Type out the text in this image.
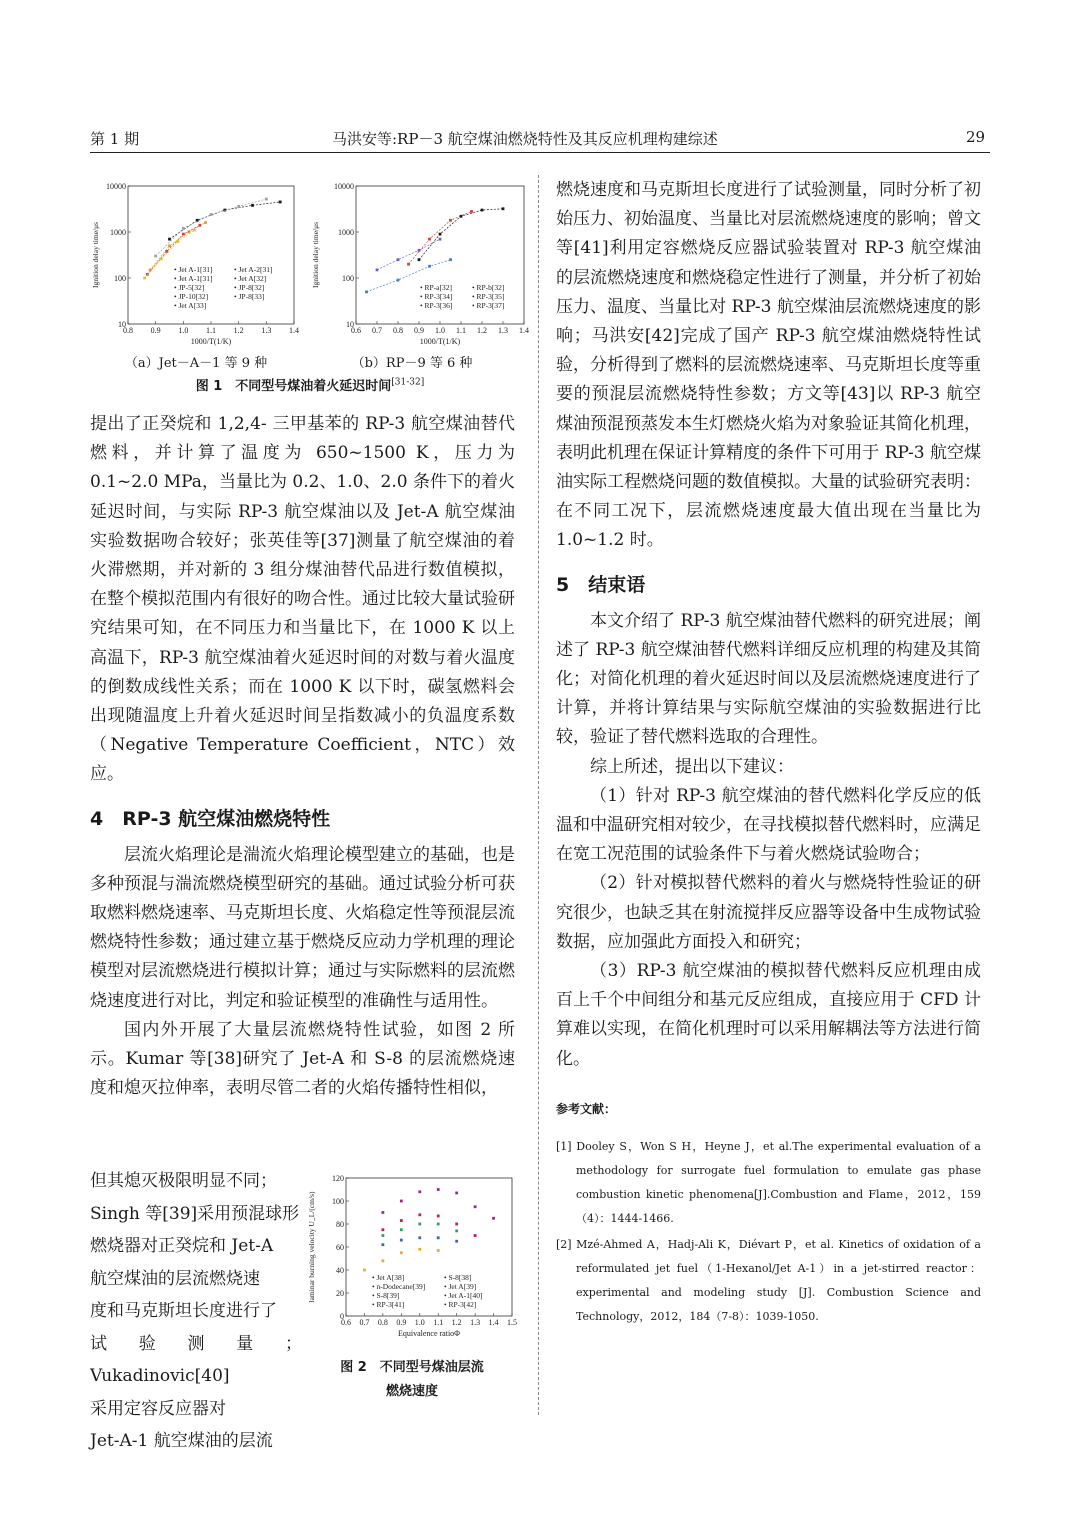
第 1 期	马洪安等:RP－3 航空煤油燃烧特性及其反应机理构建综述	29
0.8 0.9 1.0 1.1 1.2 1.3 1.4
10
100
1000
10000
1000/T(1/K)
Ignition delay time/μs	• Jet A-1[31]	• Jet A-2[31]
• Jet A-1[31]	• Jet A[32]
• JP-5[32]	• JP-8[32]
• JP-10[32]	• JP-8[33]
• Jet A[33]
0.6 0.7 0.8 0.9 1.0 1.1 1.2 1.3 1.4
10
100
1000
10000
1000/T(1/K)
Ignition delay time/μs	• RP-a[32]	• RP-b[32]
• RP-3[34]	• RP-3[35]
• RP-3[36]	• RP-3[37]
（a）Jet－A－1 等 9 种	（b）RP－9 等 6 种
图 1　不同型号煤油着火延迟时间[31-32]

提出了正癸烷和 1,2,4- 三甲基苯的 RP-3 航空煤油替代燃料，并计算了温度为 650~1500 K，压力为 0.1~2.0 MPa，当量比为 0.2、1.0、2.0 条件下的着火延迟时间，与实际 RP-3 航空煤油以及 Jet-A 航空煤油实验数据吻合较好；张英佳等[37]测量了航空煤油的着火滞燃期，并对新的 3 组分煤油替代品进行数值模拟，在整个模拟范围内有很好的吻合性。通过比较大量试验研究结果可知，在不同压力和当量比下，在 1000 K 以上高温下，RP-3 航空煤油着火延迟时间的对数与着火温度的倒数成线性关系；而在 1000 K 以下时，碳氢燃料会出现随温度上升着火延迟时间呈指数减小的负温度系数（Negative Temperature Coefficient，NTC）效应。

4　RP-3 航空煤油燃烧特性

层流火焰理论是湍流火焰理论模型建立的基础，也是多种预混与湍流燃烧模型研究的基础。通过试验分析可获取燃料燃烧速率、马克斯坦长度、火焰稳定性等预混层流燃烧特性参数；通过建立基于燃烧反应动力学机理的理论模型对层流燃烧进行模拟计算；通过与实际燃料的层流燃烧速度进行对比，判定和验证模型的准确性与适用性。

国内外开展了大量层流燃烧特性试验，如图 2 所示。Kumar 等[38]研究了 Jet-A 和 S-8 的层流燃烧速度和熄灭拉伸率，表明尽管二者的火焰传播特性相似，

但其熄灭极限明显不同；

Singh 等[39]采用预混球形

燃烧器对正癸烷和 Jet-A

航空煤油的层流燃烧速

度和马克斯坦长度进行了

试验测量；Vukadinovic[40]

采用定容反应器对

Jet-A-1 航空煤油的层流

0.6 0.7 0.8 0.9 1.0 1.1 1.2 1.3 1.4 1.5
0
20
40
60
80
100
120
Equivalence ratioΦ
laminar burning velocity U_L/(cm/s)	• Jet A[38]	• S-8[38]
• n-Dodecane[39]	• Jet A[39]
• S-8[39]	• Jet A-1[40]
• RP-3[41]	• RP-3[42]
图 2　不同型号煤油层流
燃烧速度

燃烧速度和马克斯坦长度进行了试验测量，同时分析了初始压力、初始温度、当量比对层流燃烧速度的影响；曾文等[41]利用定容燃烧反应器试验装置对 RP-3 航空煤油的层流燃烧速度和燃烧稳定性进行了测量，并分析了初始压力、温度、当量比对 RP-3 航空煤油层流燃烧速度的影响；马洪安[42]完成了国产 RP-3 航空煤油燃烧特性试验，分析得到了燃料的层流燃烧速率、马克斯坦长度等重要的预混层流燃烧特性参数；方文等[43]以 RP-3 航空煤油预混预蒸发本生灯燃烧火焰为对象验证其简化机理，表明此机理在保证计算精度的条件下可用于 RP-3 航空煤油实际工程燃烧问题的数值模拟。大量的试验研究表明：在不同工况下，层流燃烧速度最大值出现在当量比为 1.0~1.2 时。

5　结束语

本文介绍了 RP-3 航空煤油替代燃料的研究进展；阐述了 RP-3 航空煤油替代燃料详细反应机理的构建及其简化；对简化机理的着火延迟时间以及层流燃烧速度进行了计算，并将计算结果与实际航空煤油的实验数据进行比较，验证了替代燃料选取的合理性。

综上所述，提出以下建议：

（1）针对 RP-3 航空煤油的替代燃料化学反应的低温和中温研究相对较少，在寻找模拟替代燃料时，应满足在宽工况范围的试验条件下与着火燃烧试验吻合；

（2）针对模拟替代燃料的着火与燃烧特性验证的研究很少，也缺乏其在射流搅拌反应器等设备中生成物试验数据，应加强此方面投入和研究；

（3）RP-3 航空煤油的模拟替代燃料反应机理由成百上千个中间组分和基元反应组成，直接应用于 CFD 计算难以实现，在简化机理时可以采用解耦法等方法进行简化。

参考文献：

[1] Dooley S，Won S H，Heyne J，et al.The experimental evaluation of a methodology for surrogate fuel formulation to emulate gas phase combustion kinetic phenomena[J].Combustion and Flame，2012，159（4）：1444-1466.

[2] Mzé-Ahmed A，Hadj-Ali K，Diévart P，et al. Kinetics of oxidation of a reformulated jet fuel（1-Hexanol/Jet A-1）in a jet-stirred reactor：experimental and modeling study [J]. Combustion Science and Technology，2012，184（7-8）：1039-1050.
